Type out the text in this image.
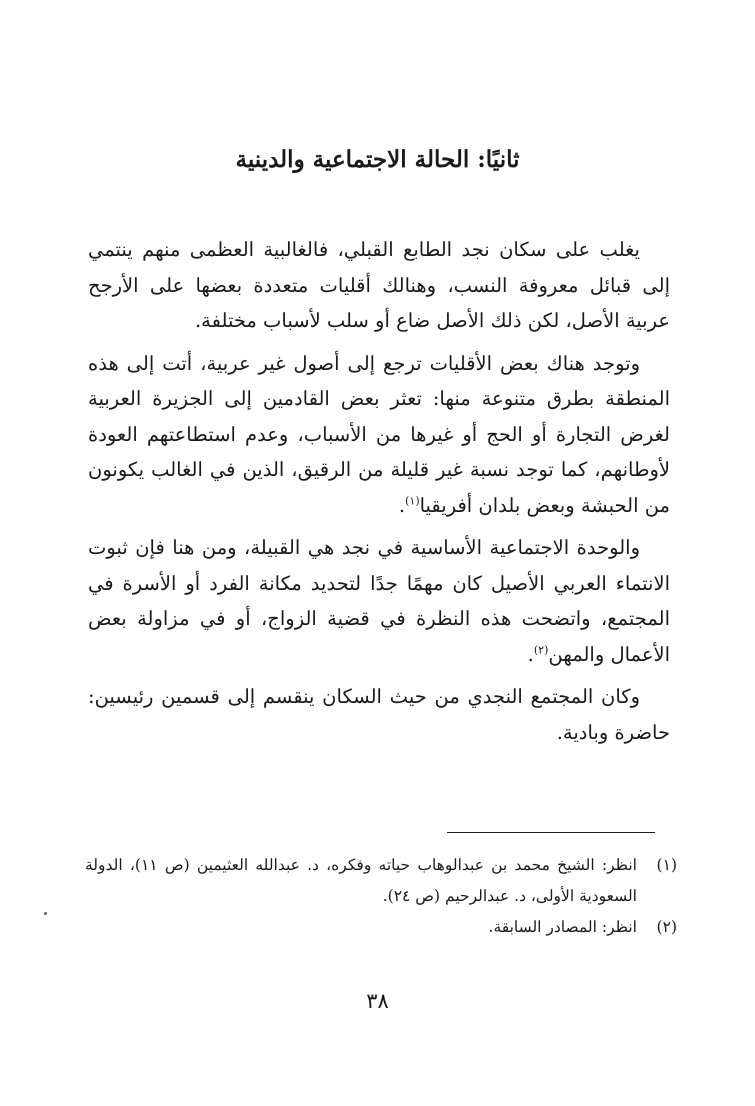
ثانيًا: الحالة الاجتماعية والدينية

يغلب على سكان نجد الطابع القبلي، فالغالبية العظمى منهم ينتمي إلى قبائل معروفة النسب، وهنالك أقليات متعددة بعضها على الأرجح عربية الأصل، لكن ذلك الأصل ضاع أو سلب لأسباب مختلفة.

وتوجد هناك بعض الأقليات ترجع إلى أصول غير عربية، أتت إلى هذه المنطقة بطرق متنوعة منها: تعثر بعض القادمين إلى الجزيرة العربية لغرض التجارة أو الحج أو غيرها من الأسباب، وعدم استطاعتهم العودة لأوطانهم، كما توجد نسبة غير قليلة من الرقيق، الذين في الغالب يكونون من الحبشة وبعض بلدان أفريقيا$^{(١)}$.

والوحدة الاجتماعية الأساسية في نجد هي القبيلة، ومن هنا فإن ثبوت الانتماء العربي الأصيل كان مهمًا جدًا لتحديد مكانة الفرد أو الأسرة في المجتمع، واتضحت هذه النظرة في قضية الزواج، أو في مزاولة بعض الأعمال والمهن$^{(٢)}$.

وكان المجتمع النجدي من حيث السكان ينقسم إلى قسمين رئيسين: حاضرة وبادية.

(١)
انظر: الشيخ محمد بن عبدالوهاب حياته وفكره، د. عبدالله العثيمين (ص ١١)، الدولة السعودية الأولى، د. عبدالرحيم (ص ٢٤).
(٢)
انظر: المصادر السابقة.
٣٨
